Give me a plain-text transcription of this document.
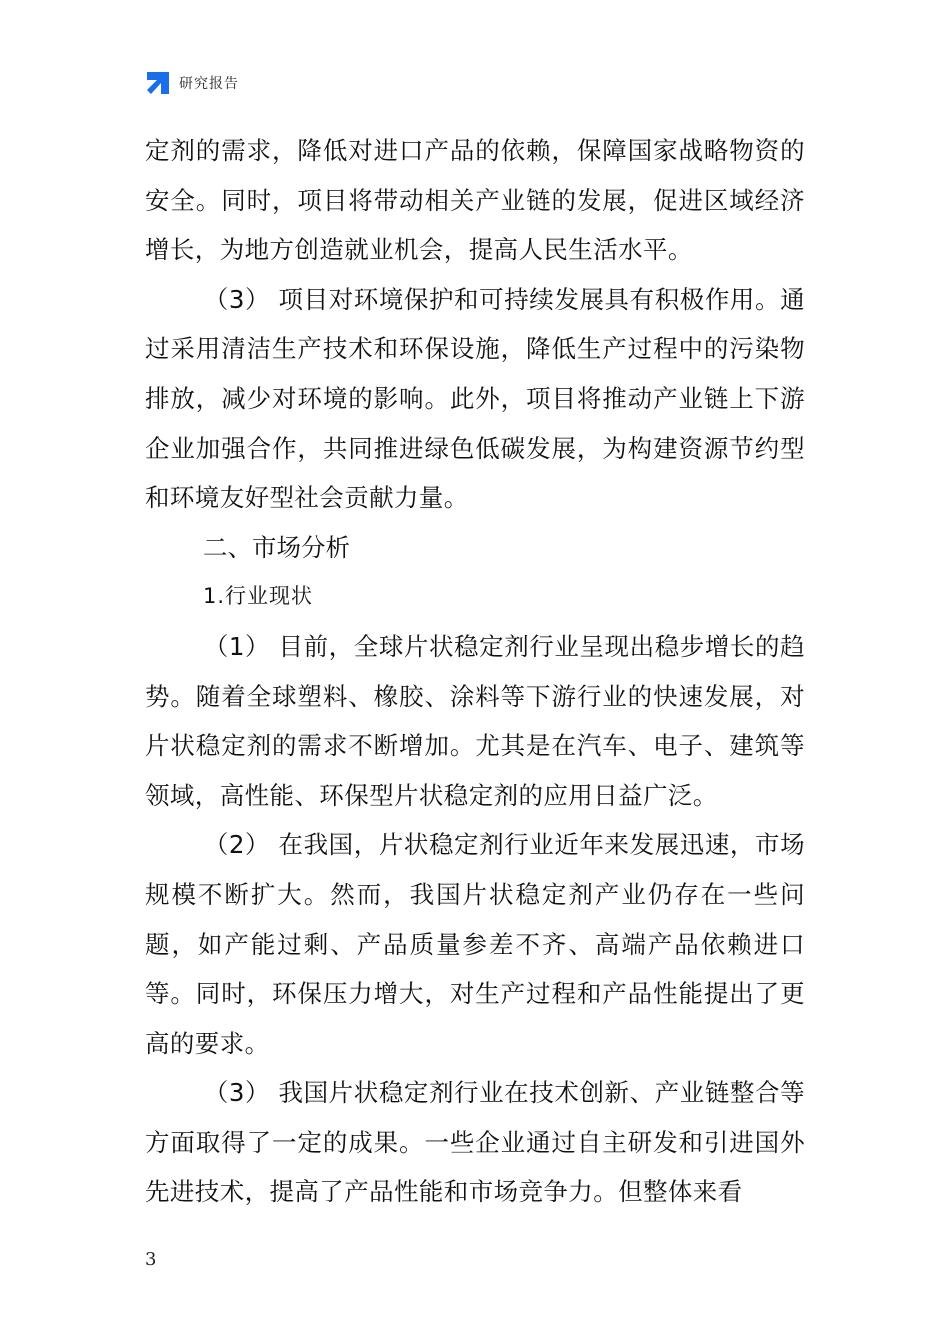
研究报告

定剂的需求，降低对进口产品的依赖，保障国家战略物资的安全。同时，项目将带动相关产业链的发展，促进区域经济增长，为地方创造就业机会，提高人民生活水平。

（3） 项目对环境保护和可持续发展具有积极作用。通过采用清洁生产技术和环保设施，降低生产过程中的污染物排放，减少对环境的影响。此外，项目将推动产业链上下游企业加强合作，共同推进绿色低碳发展，为构建资源节约型和环境友好型社会贡献力量。

二、市场分析

1.行业现状

（1） 目前，全球片状稳定剂行业呈现出稳步增长的趋势。随着全球塑料、橡胶、涂料等下游行业的快速发展，对片状稳定剂的需求不断增加。尤其是在汽车、电子、建筑等领域，高性能、环保型片状稳定剂的应用日益广泛。

（2） 在我国，片状稳定剂行业近年来发展迅速，市场规模不断扩大。然而，我国片状稳定剂产业仍存在一些问题，如产能过剩、产品质量参差不齐、高端产品依赖进口等。同时，环保压力增大，对生产过程和产品性能提出了更高的要求。

（3） 我国片状稳定剂行业在技术创新、产业链整合等方面取得了一定的成果。一些企业通过自主研发和引进国外先进技术，提高了产品性能和市场竞争力。但整体来看

3
